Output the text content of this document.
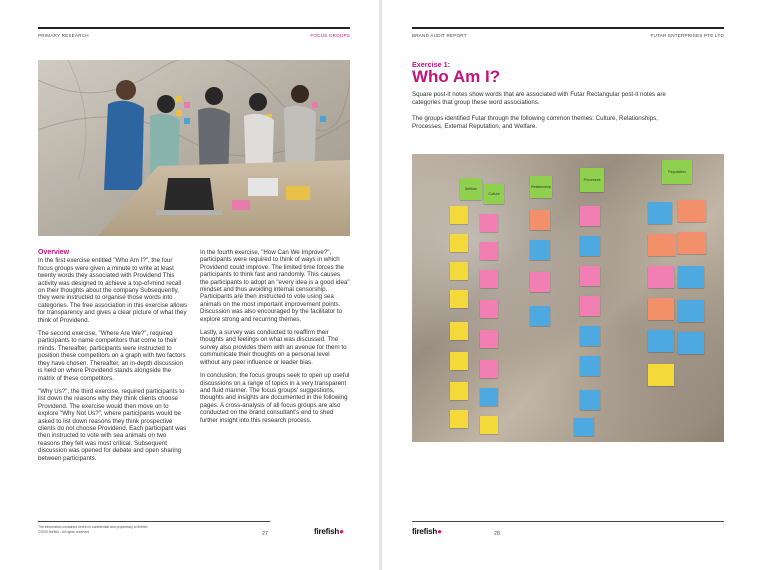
PRIMARY RESEARCH	FOCUS GROUPS
Overview

In the first exercise entitled "Who Am I?", the four focus groups were given a minute to write at least twenty words they associated with Providend This activity was designed to achieve a top-of-mind recall on their thoughts about the company Subsequently, they were instructed to organise those words into categories. The free association in this exercise allows for transparency and gives a clear picture of what they think of Providend.

The second exercise, "Where Are We?", required participants to name competitors that come to their minds. Thereafter, participants were instructed to position these competitors on a graph with two factors they have chosen. Thereafter, an in-depth discussion is held on where Providend stands alongside the matrix of these competitors.

"Why Us?", the third exercise, required participants to list down the reasons why they think clients choose Providend. The exercise would then move on to explore "Why Not Us?", where participants would be asked to list down reasons they think prospective clients do not choose Providend. Each participant was then instructed to vote with sea animals on two reasons they felt was most critical. Subsequent discussion was opened for debate and open sharing between participants.

In the fourth exercise, "How Can We Improve?", participants were required to think of ways in which Providend could improve. The limited time forces the participants to think fast and randomly. This causes the participants to adopt an "every idea is a good idea" mindset and thus avoiding internal censorship. Participants are then instructed to vote using sea animals on the most important improvement points. Discussion was also encouraged by the facilitator to explore strong and recurring themes.

Lastly, a survey was conducted to reaffirm their thoughts and feelings on what was discussed. The survey also provides them with an avenue for them to communicate their thoughts on a personal level without any peer influence or leader bias.

In conclusion, the focus groups seek to open up useful discussions on a range of topics in a very transparent and fluid manner. The focus groups' suggestions, thoughts and insights are documented in the following pages. A cross-analysis of all focus groups are also conducted on the brand consultant's end to shed further insight into this research process.

The information contained herein is confidential and proprietary to firefish
©2020 firefish - All rights reserved.	27	firefish●
BRAND AUDIT REPORT	FUTAR ENTERPRISES PTE LTD
Exercise 1:
Who Am I?

Square post-it notes show words that are associated with Futar Rectangular post-it notes are categories that group these word associations.

The groups identified Futar through the following common themes: Culture, Relationships, Processes, External Reputation, and Welfare.

firefish●	28
Welfare
Culture
Relationship
Processes
Reputation
